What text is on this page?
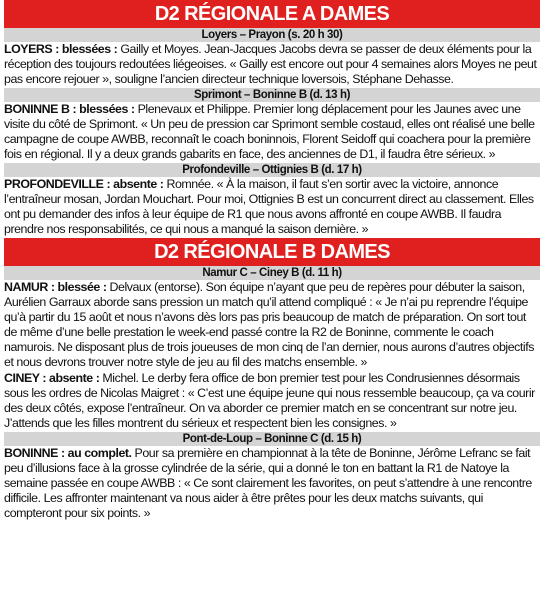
D2 RÉGIONALE A DAMES
Loyers – Prayon (s. 20 h 30)

LOYERS : blessées : Gailly et Moyes. Jean-Jacques Jacobs devra se passer de deux éléments pour la réception des toujours redoutées liégeoises. « Gailly est encore out pour 4 semaines alors Moyes ne peut pas encore rejouer », souligne l’ancien directeur technique loversois, Stéphane Dehasse.

Sprimont – Boninne B (d. 13 h)

BONINNE B : blessées : Plenevaux et Philippe. Premier long déplacement pour les Jaunes avec une visite du côté de Sprimont. « Un peu de pression car Sprimont semble costaud, elles ont réalisé une belle campagne de coupe AWBB, reconnaît le coach boninnois, Florent Seidoff qui coachera pour la première fois en régional. Il y a deux grands gabarits en face, des anciennes de D1, il faudra être sérieux. »

Profondeville – Ottignies B (d. 17 h)

PROFONDEVILLE : absente : Romnée. « À la maison, il faut s’en sortir avec la victoire, annonce l’entraîneur mosan, Jordan Mouchart. Pour moi, Ottignies B est un concurrent direct au classement. Elles ont pu demander des infos à leur équipe de R1 que nous avons affronté en coupe AWBB. Il faudra prendre nos responsabilités, ce qui nous a manqué la saison dernière. »

D2 RÉGIONALE B DAMES
Namur C – Ciney B (d. 11 h)

NAMUR : blessée : Delvaux (entorse). Son équipe n’ayant que peu de repères pour débuter la saison, Aurélien Garraux aborde sans pression un match qu’il attend compliqué : « Je n’ai pu reprendre l’équipe qu’à partir du 15 août et nous n’avons dès lors pas pris beaucoup de match de préparation. On sort tout de même d’une belle prestation le week-end passé contre la R2 de Boninne, commente le coach namurois. Ne disposant plus de trois joueuses de mon cinq de l’an dernier, nous aurons d’autres objectifs et nous devrons trouver notre style de jeu au fil des matchs ensemble. »

CINEY : absente : Michel. Le derby fera office de bon premier test pour les Condrusiennes désormais sous les ordres de Nicolas Maigret : « C’est une équipe jeune qui nous ressemble beaucoup, ça va courir des deux côtés, expose l’entraîneur. On va aborder ce premier match en se concentrant sur notre jeu. J’attends que les filles montrent du sérieux et respectent bien les consignes. »

Pont-de-Loup – Boninne C (d. 15 h)

BONINNE : au complet. Pour sa première en championnat à la tête de Boninne, Jérôme Lefranc se fait peu d’illusions face à la grosse cylindrée de la série, qui a donné le ton en battant la R1 de Natoye la semaine passée en coupe AWBB : « Ce sont clairement les favorites, on peut s’attendre à une rencontre difficile. Les affronter maintenant va nous aider à être prêtes pour les deux matchs suivants, qui compteront pour six points. »
